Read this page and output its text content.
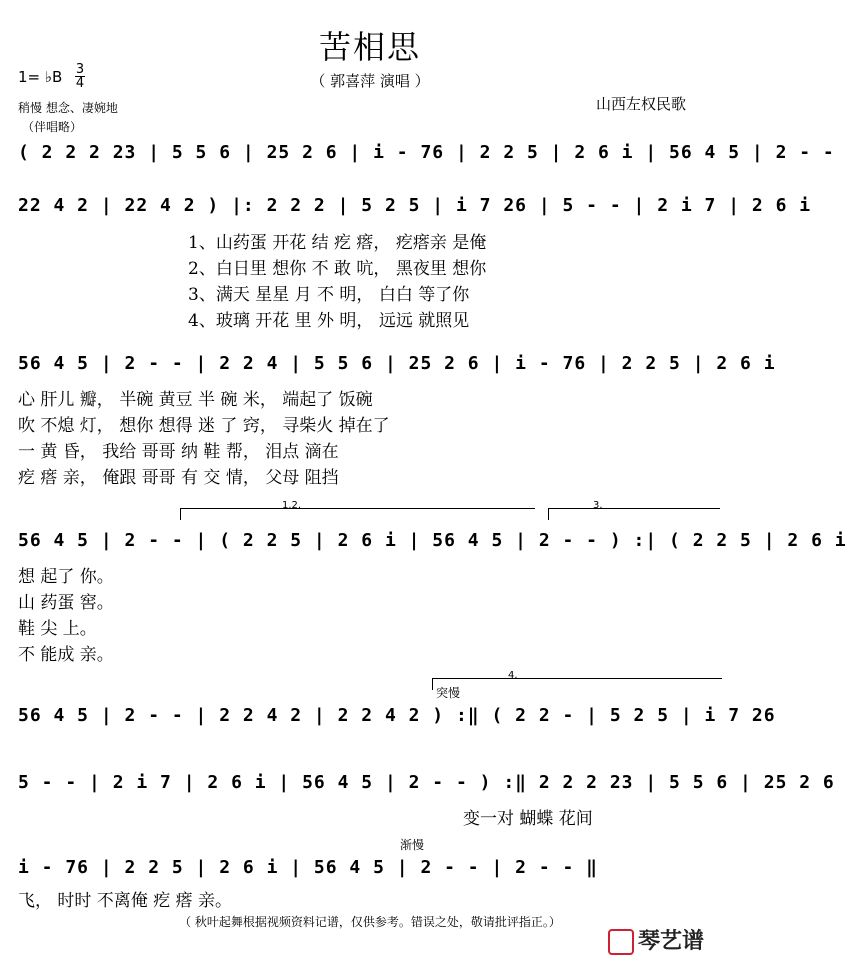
苦相思
（ 郭喜萍 演唱 ）
1= ♭B 3
4
稍慢 想念、凄婉地
（伴唱略）
山西左权民歌
( 2 2 2 23 | 5 5 6 | 25 2 6 | i - 76 | 2 2 5 | 2 6 i | 56 4 5 | 2 - -
22 4 2 | 22 4 2 ) |: 2 2 2 | 5 2 5 | i 7 26 | 5 - - | 2 i 7 | 2 6 i
1、山药蛋 开花 结 疙 瘩， 疙瘩亲 是俺
2、白日里 想你 不 敢 吭， 黑夜里 想你
3、满天 星星 月 不 明， 白白 等了你
4、玻璃 开花 里 外 明， 远远 就照见
56 4 5 | 2 - - | 2 2 4 | 5 5 6 | 25 2 6 | i - 76 | 2 2 5 | 2 6 i
心 肝儿 瓣， 半碗 黄豆 半 碗 米， 端起了 饭碗
吹 不熄 灯， 想你 想得 迷 了 窍， 寻柴火 掉在了
一 黄 昏， 我给 哥哥 纳 鞋 帮， 泪点 滴在
疙 瘩 亲， 俺跟 哥哥 有 交 情， 父母 阻挡
1.2.	3.
56 4 5 | 2 - - | ( 2 2 5 | 2 6 i | 56 4 5 | 2 - - ) :| ( 2 2 5 | 2 6 i
想 起了 你。
山 药蛋 窖。
鞋 尖 上。
不 能成 亲。
4.
突慢
56 4 5 | 2 - - | 2 2 4 2 | 2 2 4 2 ) :‖ ( 2 2 - | 5 2 5 | i 7 26
5 - - | 2 i 7 | 2 6 i | 56 4 5 | 2 - - ) :‖ 2 2 2 23 | 5 5 6 | 25 2 6
变一对 蝴蝶 花间
渐慢
i - 76 | 2 2 5 | 2 6 i | 56 4 5 | 2 - - | 2 - - ‖
飞， 时时 不离俺 疙 瘩 亲。
（ 秋叶起舞根据视频资料记谱，仅供参考。错误之处，敬请批评指正。）
琴艺谱
